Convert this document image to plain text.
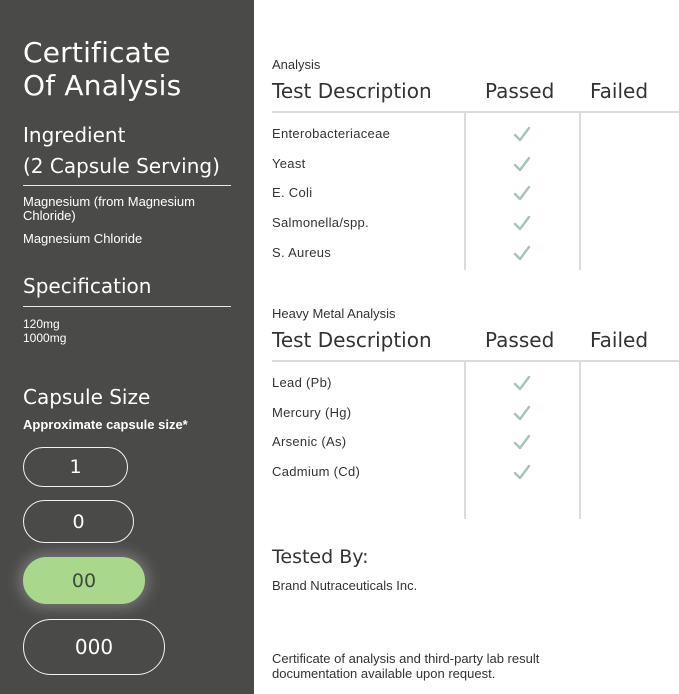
Certificate
Of Analysis
Ingredient
(2 Capsule Serving)
Magnesium (from Magnesium Chloride)
Magnesium Chloride
Specification
120mg
1000mg
Capsule Size
Approximate capsule size*
1
0
00
000
Analysis
Test Description	Passed Failed
Enterobacteriaceae
Yeast
E. Coli
Salmonella/spp.
S. Aureus
Heavy Metal Analysis
Test Description	Passed Failed
Lead (Pb)
Mercury (Hg)
Arsenic (As)
Cadmium (Cd)
Tested By:
Brand Nutraceuticals Inc.
Certificate of analysis and third-party lab result documentation available upon request.
